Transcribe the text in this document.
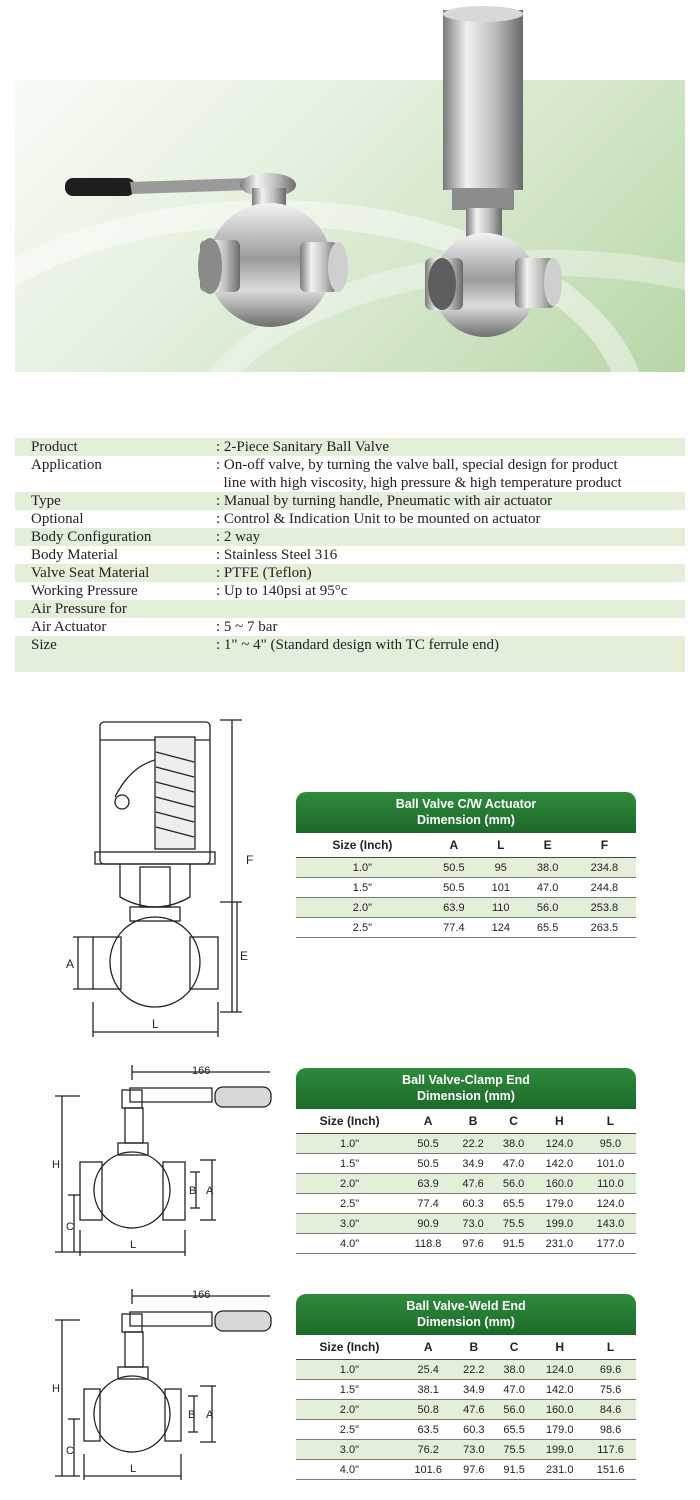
Product	: 2-Piece Sanitary Ball Valve
Application	: On-off valve, by turning the valve ball, special design for product
line with high viscosity, high pressure & high temperature product
Type	: Manual by turning handle, Pneumatic with air actuator
Optional	: Control & Indication Unit to be mounted on actuator
Body Configuration	: 2 way
Body Material	: Stainless Steel 316
Valve Seat Material	: PTFE (Teflon)
Working Pressure	: Up to 140psi at 95°c
Air Pressure for

Air Actuator	: 5 ~ 7 bar
Size	: 1" ~ 4" (Standard design with TC ferrule end)
A
L
E
F
166
H
C
L
B A
166
H
C
L
B A
Ball Valve C/W Actuator
Dimension (mm)
Size (Inch)	A	L	E	F
1.0"	50.5	95	38.0	234.8
1.5"	50.5	101	47.0	244.8
2.0"	63.9	110	56.0	253.8
2.5"	77.4	124	65.5	263.5
Ball Valve-Clamp End
Dimension (mm)
Size (Inch)	A	B	C	H	L
1.0"	50.5	22.2	38.0	124.0	95.0
1.5"	50.5	34.9	47.0	142.0	101.0
2.0"	63.9	47.6	56.0	160.0	110.0
2.5"	77.4	60.3	65.5	179.0	124.0
3.0"	90.9	73.0	75.5	199.0	143.0
4.0"	118.8	97.6	91.5	231.0	177.0
Ball Valve-Weld End
Dimension (mm)
Size (Inch)	A	B	C	H	L
1.0"	25.4	22.2	38.0	124.0	69.6
1.5"	38.1	34.9	47.0	142.0	75.6
2.0"	50.8	47.6	56.0	160.0	84.6
2.5"	63.5	60.3	65.5	179.0	98.6
3.0"	76.2	73.0	75.5	199.0	117.6
4.0"	101.6	97.6	91.5	231.0	151.6
